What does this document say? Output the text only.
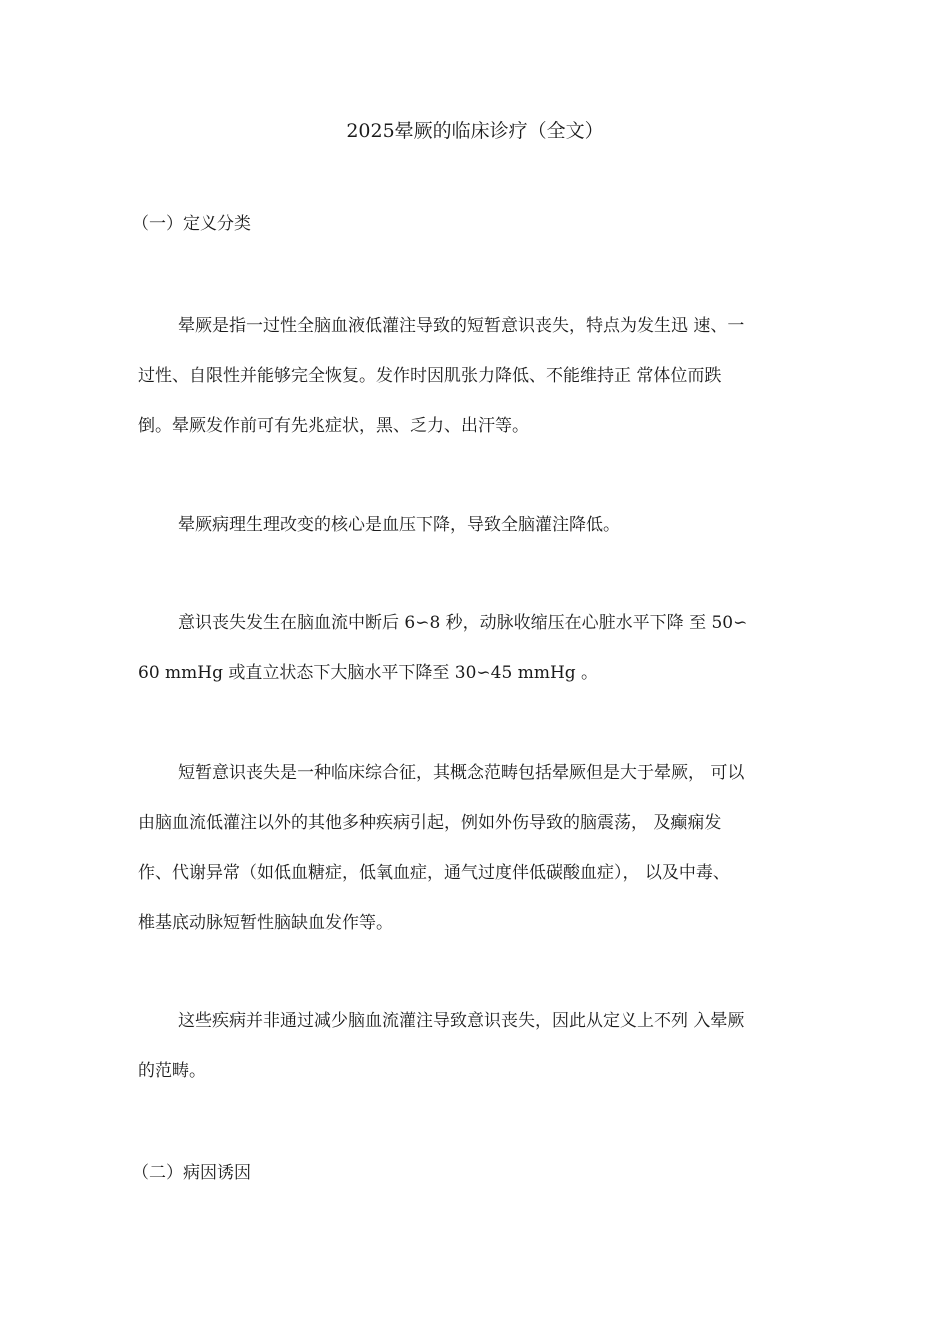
2025晕厥的临床诊疗（全文）
（一）定义分类
晕厥是指一过性全脑血液低灌注导致的短暂意识丧失，特点为发生迅 速、一
过性、自限性并能够完全恢复。发作时因肌张力降低、不能维持正 常体位而跌
倒。晕厥发作前可有先兆症状，黑、乏力、出汗等。
晕厥病理生理改变的核心是血压下降，导致全脑灌注降低。
意识丧失发生在脑血流中断后 6∽8 秒，动脉收缩压在心脏水平下降 至 50∽
60 mmHg 或直立状态下大脑水平下降至 30∽45 mmHg 。
短暂意识丧失是一种临床综合征，其概念范畴包括晕厥但是大于晕厥， 可以
由脑血流低灌注以外的其他多种疾病引起，例如外伤导致的脑震荡， 及癫痫发
作、代谢异常（如低血糖症，低氧血症，通气过度伴低碳酸血症）， 以及中毒、
椎基底动脉短暂性脑缺血发作等。
这些疾病并非通过减少脑血流灌注导致意识丧失，因此从定义上不列 入晕厥
的范畴。
（二）病因诱因
